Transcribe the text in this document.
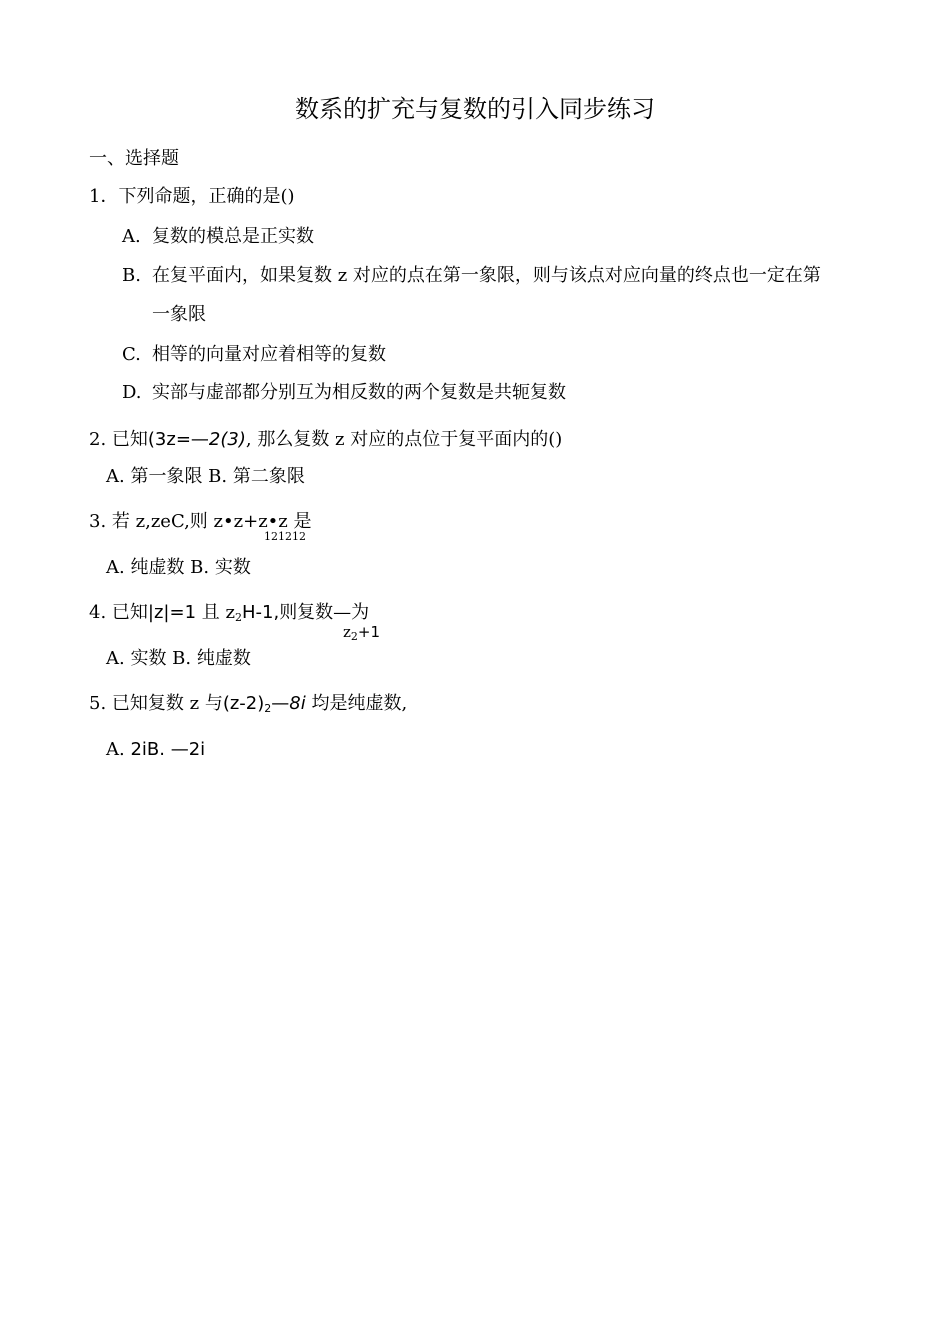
数系的扩充与复数的引入同步练习
一、选择题
1．下列命题，正确的是()
A. 复数的模总是正实数
B. 在复平面内，如果复数 z 对应的点在第一象限，则与该点对应向量的终点也一定在第
一象限
C. 相等的向量对应着相等的复数
D. 实部与虚部都分别互为相反数的两个复数是共轭复数
2. 已知(3z=—2(3), 那么复数 z 对应的点位于复平面内的()
A. 第一象限 B. 第二象限
3. 若 z,zeC,则 z•z+z•z 是
121212
A. 纯虚数 B. 实数
4. 已知|z|=1 且 $z_2H-1$,则复数—为
$z_2+1$
A. 实数 B. 纯虚数
5. 已知复数 z 与$(z-2)_2—8i$ 均是纯虚数,
A. 2iB. —2i
